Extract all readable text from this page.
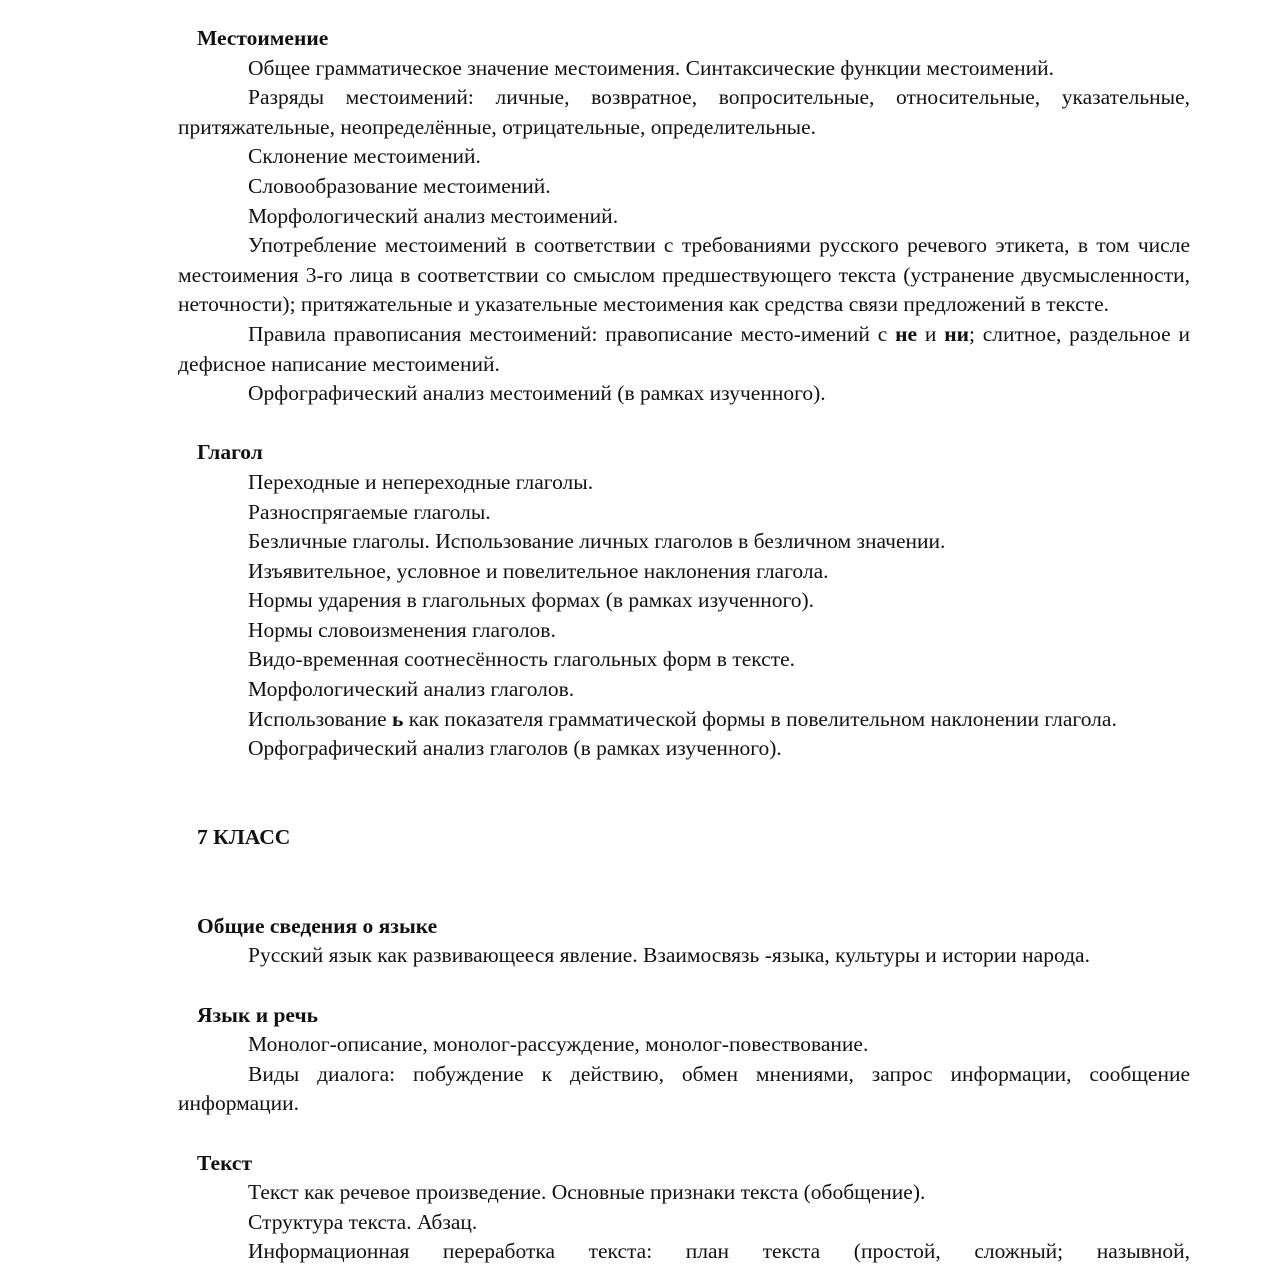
Местоимение

Общее грамматическое значение местоимения. Синтаксические функции местоимений.

Разряды местоимений: личные, возвратное, вопросительные, относительные, указательные, притяжательные, неопределённые, отрицательные, определительные.

Склонение местоимений.

Словообразование местоимений.

Морфологический анализ местоимений.

Употребление местоимений в соответствии с требованиями русского речевого этикета, в том числе местоимения 3-го лица в соответствии со смыслом предшествующего текста (устранение двусмысленности, неточности); притяжательные и указательные местоимения как средства связи предложений в тексте.

Правила правописания местоимений: правописание место-имений с не и ни; слитное, раздельное и дефисное написание местоимений.

Орфографический анализ местоимений (в рамках изученного).

Глагол

Переходные и непереходные глаголы.

Разноспрягаемые глаголы.

Безличные глаголы. Использование личных глаголов в безличном значении.

Изъявительное, условное и повелительное наклонения глагола.

Нормы ударения в глагольных формах (в рамках изученного).

Нормы словоизменения глаголов.

Видо-временная соотнесённость глагольных форм в тексте.

Морфологический анализ глаголов.

Использование ь как показателя грамматической формы в повелительном наклонении глагола.

Орфографический анализ глаголов (в рамках изученного).

7 КЛАСС

Общие сведения о языке

Русский язык как развивающееся явление. Взаимосвязь -языка, культуры и истории народа.

Язык и речь

Монолог-описание, монолог-рассуждение, монолог-повествование.

Виды диалога: побуждение к действию, обмен мнениями, запрос информации, сообщение информации.

Текст

Текст как речевое произведение. Основные признаки текста (обобщение).

Структура текста. Абзац.

Информационная переработка текста: план текста (простой, сложный; назывной,
